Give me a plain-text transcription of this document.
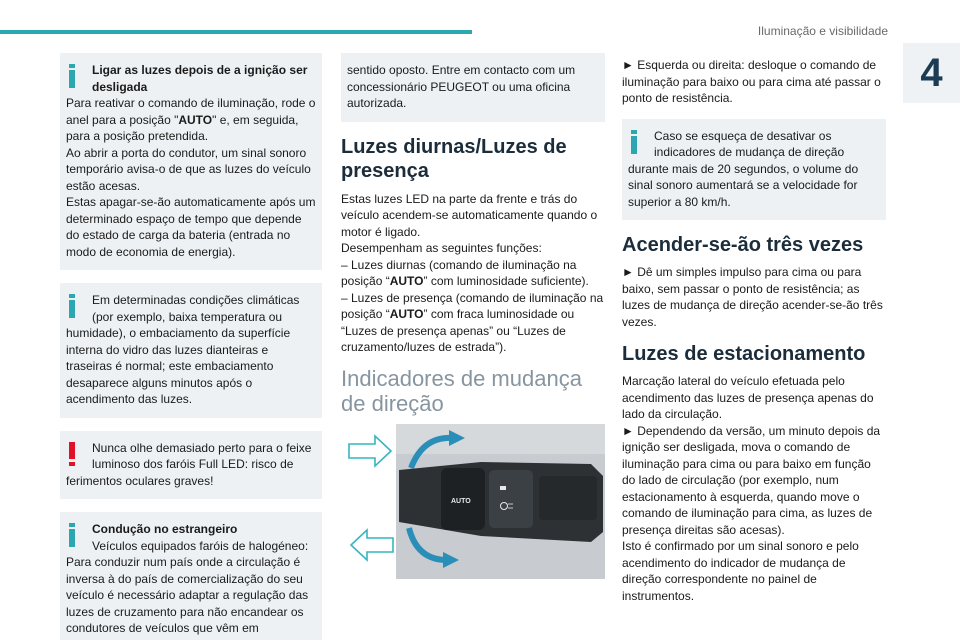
Iluminação e visibilidade
4

Ligar as luzes depois de a ignição ser

desligada

Para reativar o comando de iluminação, rode o anel para a posição "AUTO" e, em seguida, para a posição pretendida.

Ao abrir a porta do condutor, um sinal sonoro temporário avisa-o de que as luzes do veículo estão acesas.

Estas apagar-se-ão automaticamente após um determinado espaço de tempo que depende do estado de carga da bateria (entrada no modo de economia de energia).

Em determinadas condições climáticas (por exemplo, baixa temperatura ou

humidade), o embaciamento da superfície interna do vidro das luzes dianteiras e traseiras é normal; este embaciamento desaparece alguns minutos após o acendimento das luzes.

Nunca olhe demasiado perto para o feixe luminoso dos faróis Full LED: risco de

ferimentos oculares graves!

Condução no estrangeiro

Veículos equipados faróis de halogéneo:

Para conduzir num país onde a circulação é inversa à do país de comercialização do seu veículo é necessário adaptar a regulação das luzes de cruzamento para não encandear os condutores de veículos que vêm em

sentido oposto. Entre em contacto com um concessionário PEUGEOT ou uma oficina autorizada.

Luzes diurnas/Luzes de presença

Estas luzes LED na parte da frente e trás do veículo acendem-se automaticamente quando o motor é ligado.

Desempenham as seguintes funções:

– Luzes diurnas (comando de iluminação na posição “AUTO” com luminosidade suficiente).

– Luzes de presença (comando de iluminação na posição “AUTO” com fraca luminosidade ou “Luzes de presença apenas” ou “Luzes de cruzamento/luzes de estrada”).

Indicadores de mudança de direção
AUTO

► Esquerda ou direita: desloque o comando de iluminação para baixo ou para cima até passar o ponto de resistência.

Caso se esqueça de desativar os indicadores de mudança de direção

durante mais de 20 segundos, o volume do sinal sonoro aumentará se a velocidade for superior a 80 km/h.

Acender-se-ão três vezes

► Dê um simples impulso para cima ou para baixo, sem passar o ponto de resistência; as luzes de mudança de direção acender-se-ão três vezes.

Luzes de estacionamento

Marcação lateral do veículo efetuada pelo acendimento das luzes de presença apenas do lado da circulação.

► Dependendo da versão, um minuto depois da ignição ser desligada, mova o comando de iluminação para cima ou para baixo em função do lado de circulação (por exemplo, num estacionamento à esquerda, quando move o comando de iluminação para cima, as luzes de presença direitas são acesas).

Isto é confirmado por um sinal sonoro e pelo acendimento do indicador de mudança de direção correspondente no painel de instrumentos.
